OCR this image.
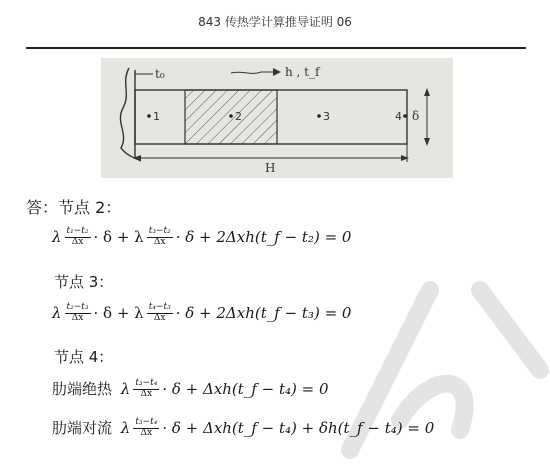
843 传热学计算推导证明 06
t₀	h , t_f
1	2	3	4 δ
H
答：节点 2：
λ $\frac{\text{t₁−t₂}}{\Delta x} \cdot \delta + \lambda \frac{\text{t₃−t₂}}{\Delta x} \cdot \delta$ + 2Δxh(t_f − t₂) = 0
节点 3：
λ $\frac{\text{t₂−t₃}}{\Delta x} \cdot \delta + \lambda \frac{\text{t₄−t₃}}{\Delta x} \cdot \delta$ + 2Δxh(t_f − t₃) = 0
节点 4：
肋端绝热 λ $\frac{\text{t₃−t₄}}{\Delta x} \cdot \delta$ + Δxh(t_f − t₄) = 0
肋端对流 λ $\frac{\text{t₃−t₄}}{\Delta x} \cdot \delta$ + Δxh(t_f − t₄) + δh(t_f − t₄) = 0
